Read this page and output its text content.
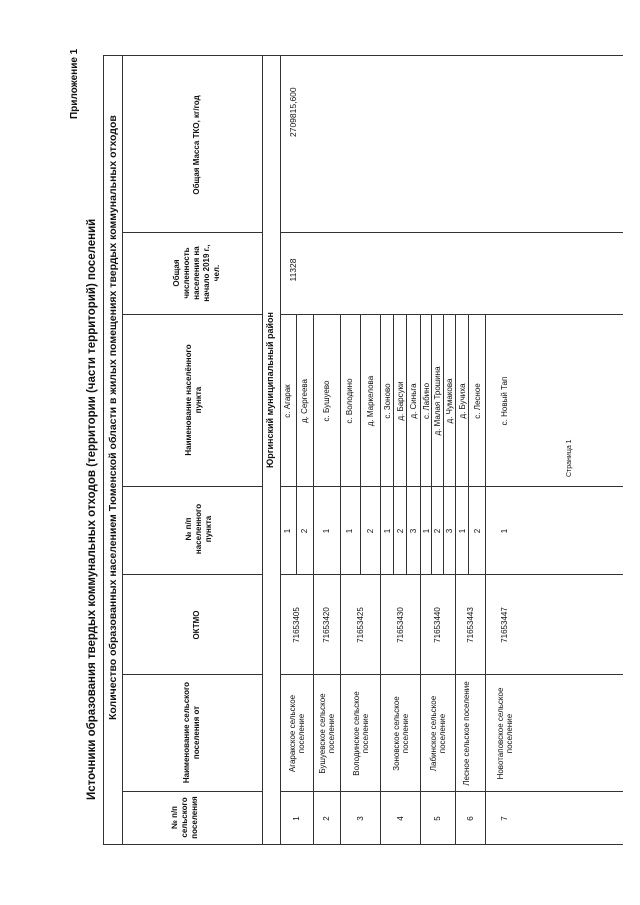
Приложение 1
Источники образования твердых коммунальных отходов (территории (части территорий) поселений Количество образованных населением Тюменской области в жилых помещениях твердых коммунальных отходов
№ п/п сельского поселения
Наименование сельского поселения от
ОКТМО
№ п/п населенного пункта
Наименование населённого пункта
Общая численность населения на начало 2019 г., чел.
Общая Масса ТКО, кг/год
Юргинский муниципальный район
11328
2709815,600
1
Агаракское сельское поселение
71653405
1
с. Агарак
2
д. Сергеева
2
Бушуевское сельское поселение
71653420
1
с. Бушуево
3
Володинское сельское поселение
71653425
1
с. Володино
2
д. Маркелова
4
Зоновское сельское поселение
71653430
1
с. Зоново
2
д. Барсуки
3
д. Синьга
5
Лабинское сельское поселение
71653440
1
с. Лабино
2
д. Малая Трошина
3
д. Чумакова
6
Лесное сельское поселение
71653443
1
д. Бучиха
2
с. Лесное
7
Новотаповское сельское поселение
71653447
1
с. Новый Тап
Страница 1
